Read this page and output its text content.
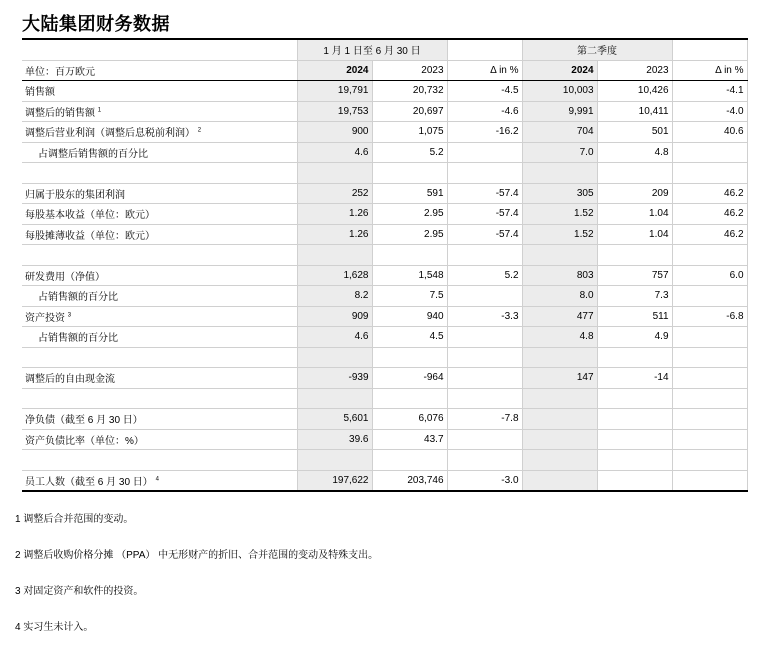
大陆集团财务数据
	1 月 1 日至 6 月 30 日			第二季度		
单位：百万欧元	2024	2023	Δ in %	2024	2023	Δ in %
销售额	19,791	20,732	-4.5	10,003	10,426	-4.1
调整后的销售额 $^1$	19,753	20,697	-4.6	9,991	10,411	-4.0
调整后营业利润（调整后息税前利润） $^2$	900	1,075	-16.2	704	501	40.6
占调整后销售额的百分比	4.6	5.2		7.0	4.8	

归属于股东的集团利润	252	591	-57.4	305	209	46.2
每股基本收益（单位：欧元）	1.26	2.95	-57.4	1.52	1.04	46.2
每股摊薄收益（单位：欧元）	1.26	2.95	-57.4	1.52	1.04	46.2

研发费用（净值）	1,628	1,548	5.2	803	757	6.0
占销售额的百分比	8.2	7.5		8.0	7.3	
资产投资 $^3$	909	940	-3.3	477	511	-6.8
占销售额的百分比	4.6	4.5		4.8	4.9	

调整后的自由现金流	-939	-964		147	-14	

净负债（截至 6 月 30 日）	5,601	6,076	-7.8			
资产负债比率（单位：%）	39.6	43.7				

员工人数（截至 6 月 30 日） $^4$	197,622	203,746	-3.0			
1 调整后合并范围的变动。
2 调整后收购价格分摊 （PPA） 中无形财产的折旧、合并范围的变动及特殊支出。
3 对固定资产和软件的投资。
4 实习生未计入。
